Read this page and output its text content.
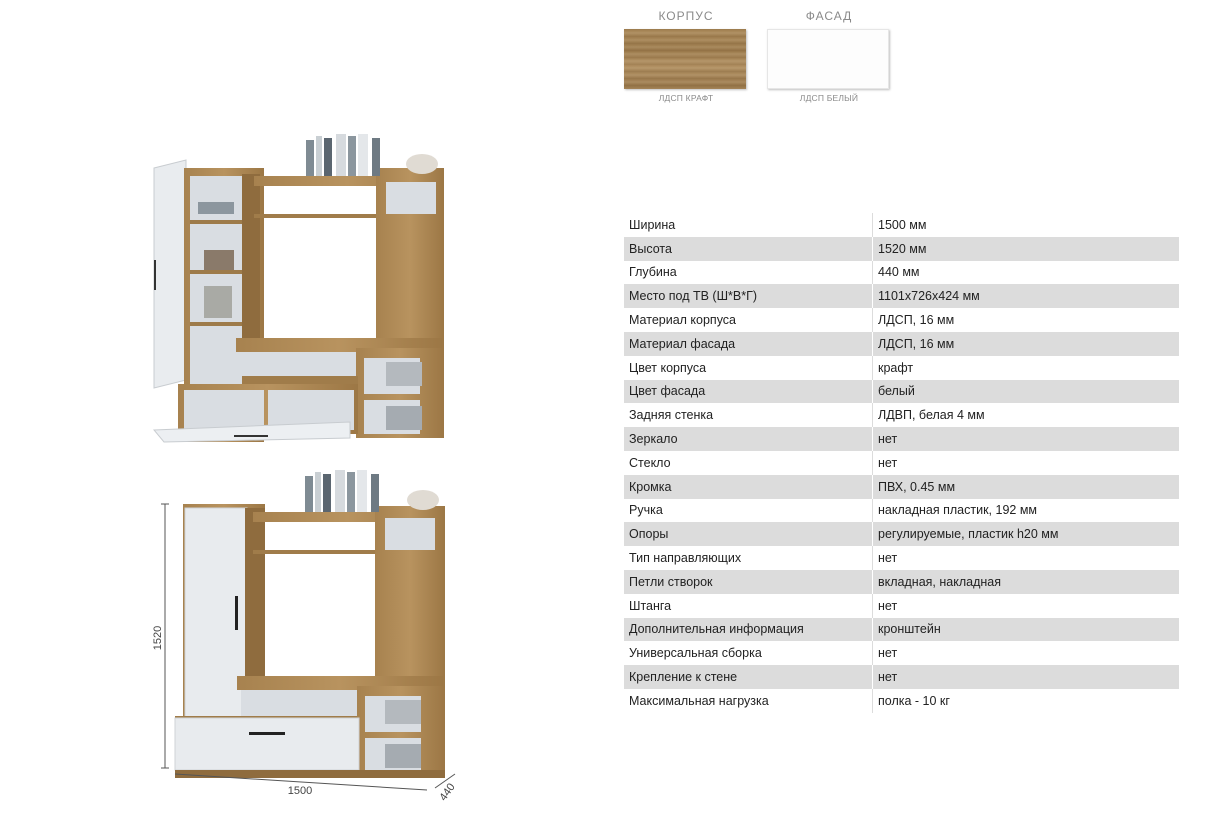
КОРПУС
ЛДСП КРАФТ
ФАСАД
ЛДСП БЕЛЫЙ
1520
1500	440
Ширина	1500 мм
Высота	1520 мм
Глубина	440 мм
Место под ТВ (Ш*В*Г)	1101х726х424 мм
Материал корпуса	ЛДСП, 16 мм
Материал фасада	ЛДСП, 16 мм
Цвет корпуса	крафт
Цвет фасада	белый
Задняя стенка	ЛДВП, белая 4 мм
Зеркало	нет
Стекло	нет
Кромка	ПВХ, 0.45 мм
Ручка	накладная пластик, 192 мм
Опоры	регулируемые, пластик h20 мм
Тип направляющих	нет
Петли створок	вкладная, накладная
Штанга	нет
Дополнительная информация	кронштейн
Универсальная сборка	нет
Крепление к стене	нет
Максимальная нагрузка	полка - 10 кг
